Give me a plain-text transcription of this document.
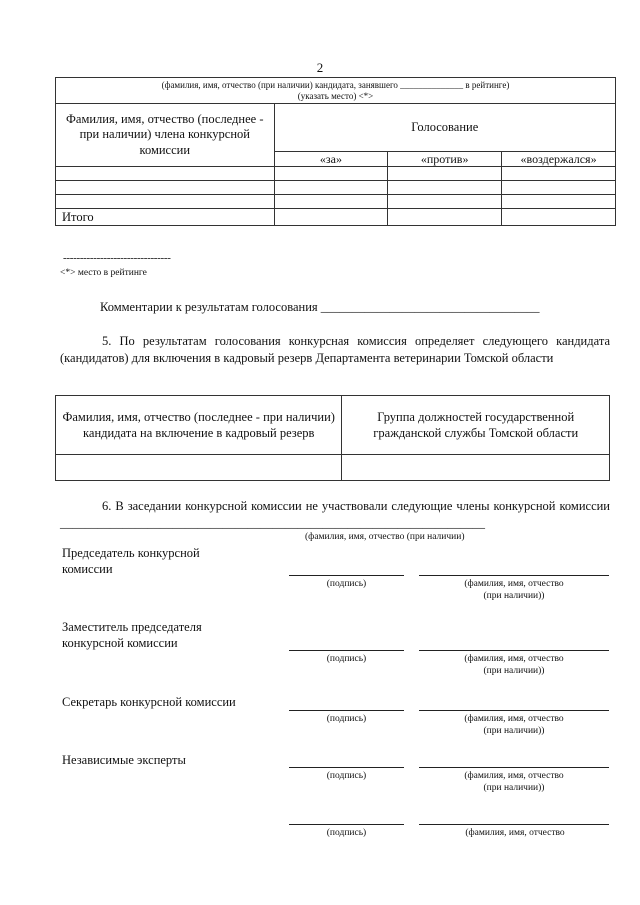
2
(фамилия, имя, отчество (при наличии) кандидата, занявшего ______________ в рейтинге)
(указать место) <*>			

Фамилия, имя, отчество (последнее - при наличии) члена конкурсной комиссии	Голосование		
	«за»	«против»	«воздержался»

Итого			
--------------------------------
<*> место в рейтинге
Комментарии к результатам голосования ___________________________________
5. По результатам голосования конкурсная комиссия определяет следующего кандидата (кандидатов) для включения в кадровый резерв Департамента ветеринарии Томской области
Фамилия, имя, отчество (последнее - при наличии) кандидата на включение в кадровый резерв	Группа должностей государственной гражданской службы Томской области

6. В заседании конкурсной комиссии не участвовали следующие члены конкурсной комиссии ____________________________________________________________________
(фамилия, имя, отчество (при наличии)
Председатель конкурсной комиссии
(подпись)	(фамилия, имя, отчество (при наличии))
Заместитель председателя конкурсной комиссии
(подпись)	(фамилия, имя, отчество (при наличии))
Секретарь конкурсной комиссии
(подпись)	(фамилия, имя, отчество (при наличии))
Независимые эксперты
(подпись)	(фамилия, имя, отчество (при наличии))
(подпись)	(фамилия, имя, отчество
